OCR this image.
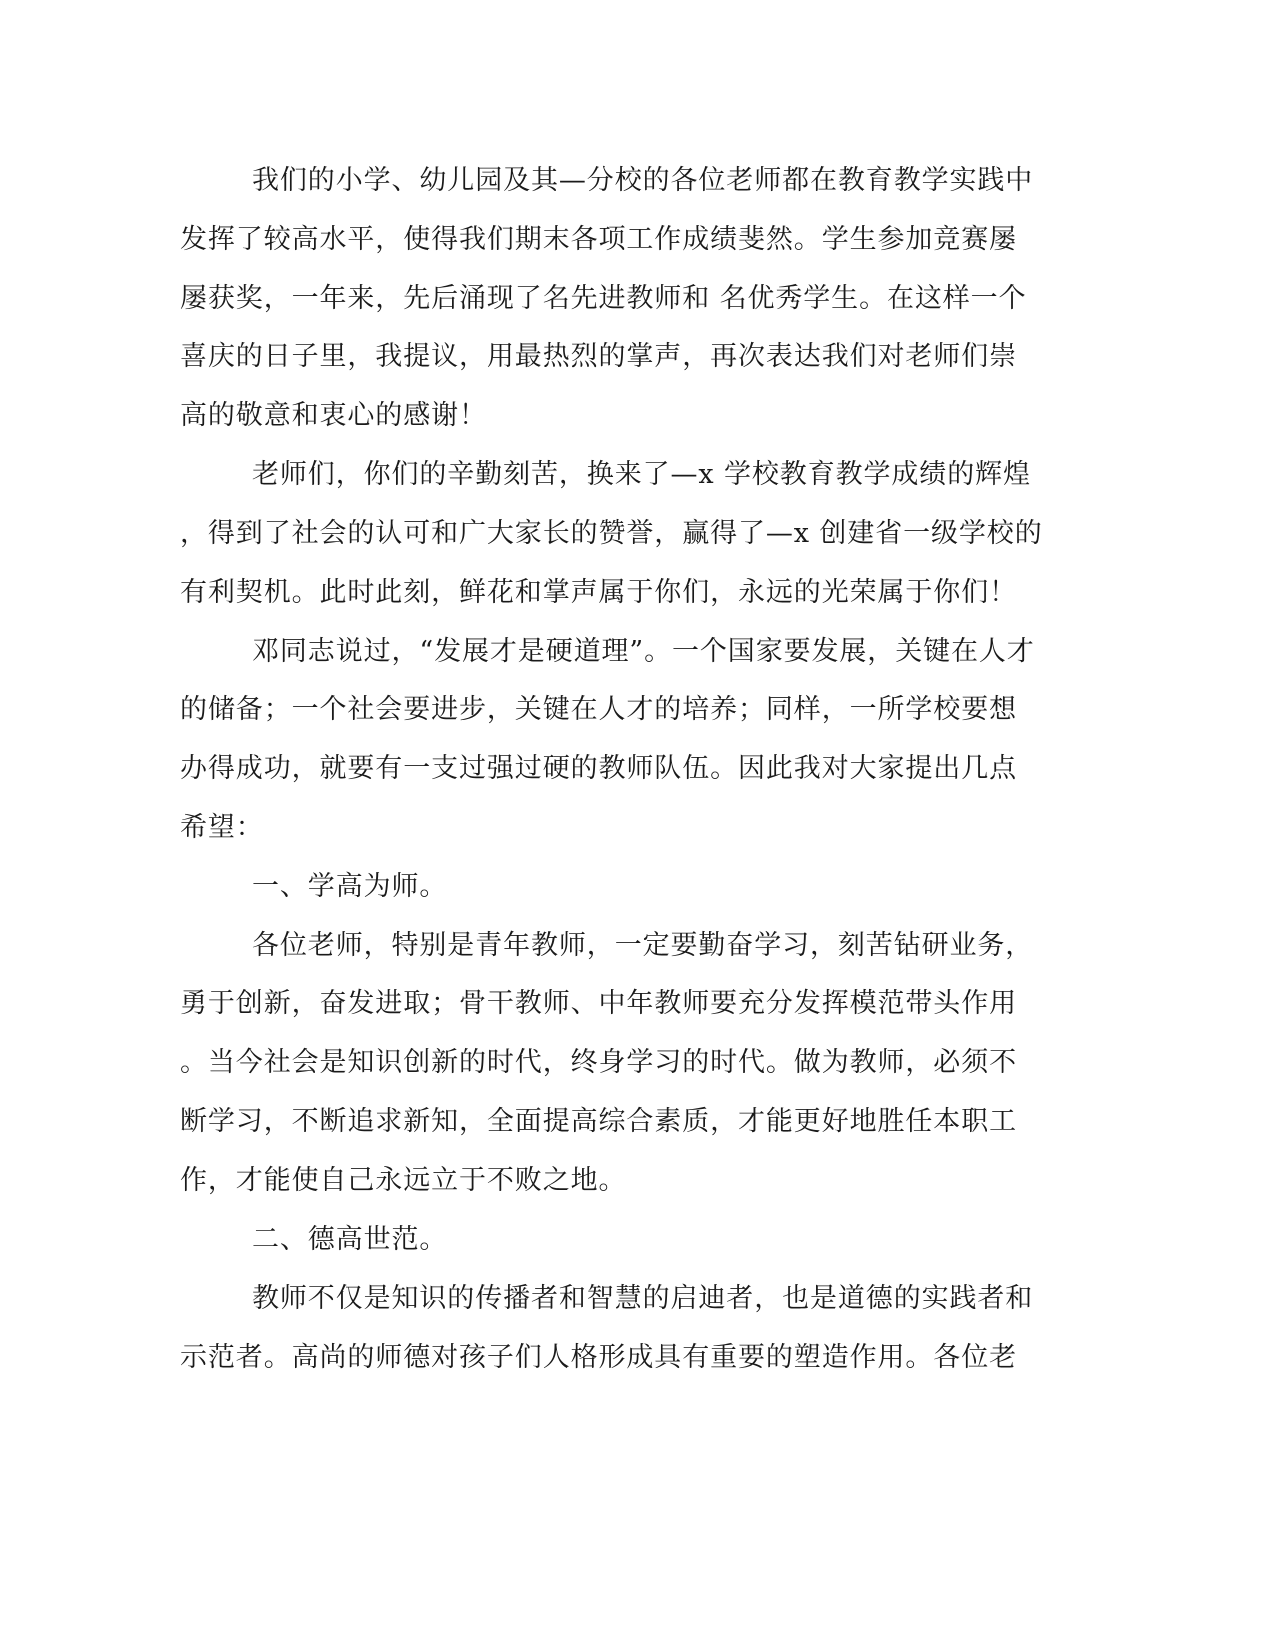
我们的小学、幼儿园及其—分校的各位老师都在教育教学实践中
发挥了较高水平，使得我们期末各项工作成绩斐然。学生参加竞赛屡
屡获奖，一年来，先后涌现了名先进教师和 名优秀学生。在这样一个
喜庆的日子里，我提议，用最热烈的掌声，再次表达我们对老师们崇
高的敬意和衷心的感谢！
老师们，你们的辛勤刻苦，换来了—x 学校教育教学成绩的辉煌
，得到了社会的认可和广大家长的赞誉，赢得了—x 创建省一级学校的
有利契机。此时此刻，鲜花和掌声属于你们，永远的光荣属于你们！
邓同志说过，“发展才是硬道理”。一个国家要发展，关键在人才
的储备；一个社会要进步，关键在人才的培养；同样，一所学校要想
办得成功，就要有一支过强过硬的教师队伍。因此我对大家提出几点
希望：
一、学高为师。
各位老师，特别是青年教师，一定要勤奋学习，刻苦钻研业务，
勇于创新，奋发进取；骨干教师、中年教师要充分发挥模范带头作用
。当今社会是知识创新的时代，终身学习的时代。做为教师，必须不
断学习，不断追求新知，全面提高综合素质，才能更好地胜任本职工
作，才能使自己永远立于不败之地。
二、德高世范。
教师不仅是知识的传播者和智慧的启迪者，也是道德的实践者和
示范者。高尚的师德对孩子们人格形成具有重要的塑造作用。各位老
